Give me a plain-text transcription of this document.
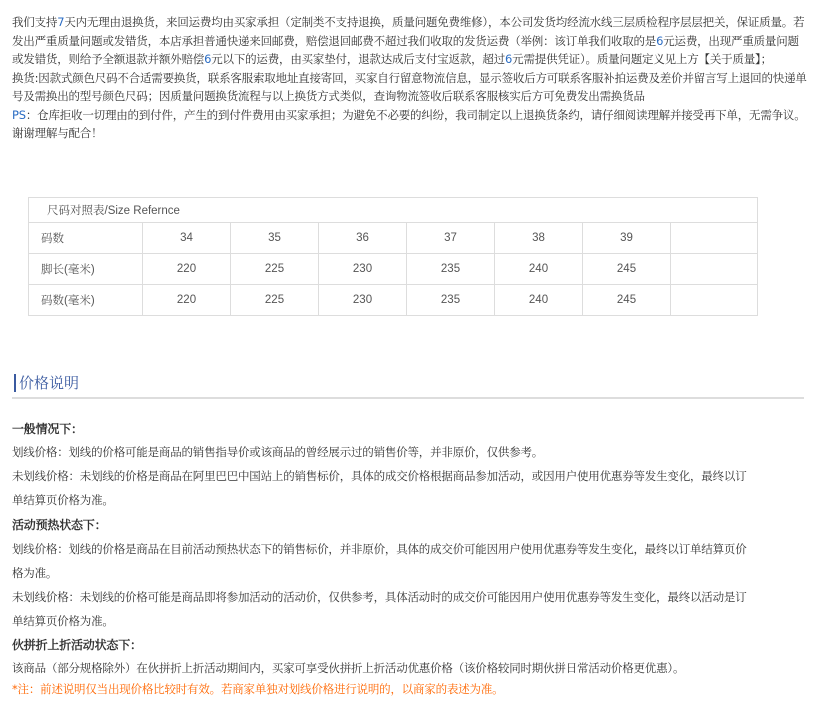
我们支持7天内无理由退换货，来回运费均由买家承担（定制类不支持退换，质量问题免费维修），本公司发货均经流水线三层质检程序层层把关，保证质量。若发出严重质量问题或发错货，本店承担普通快递来回邮费，赔偿退回邮费不超过我们收取的发货运费（举例：该订单我们收取的是6元运费，出现严重质量问题或发错货，则给予全额退款并额外赔偿6元以下的运费，由买家垫付，退款达成后支付宝返款，超过6元需提供凭证）。质量问题定义见上方【关于质量】；
换货:因款式颜色尺码不合适需要换货，联系客服索取地址直接寄回，买家自行留意物流信息，显示签收后方可联系客服补拍运费及差价并留言写上退回的快递单号及需换出的型号颜色尺码；因质量问题换货流程与以上换货方式类似，查询物流签收后联系客服核实后方可免费发出需换货品
PS：仓库拒收一切理由的到付件，产生的到付件费用由买家承担；为避免不必要的纠纷，我司制定以上退换货条约，请仔细阅读理解并接受再下单，无需争议。谢谢理解与配合！
尺码对照表/Size Refernce							
码数	34	35	36	37	38	39	
脚长(毫米)	220	225	230	235	240	245	
码数(毫米)	220	225	230	235	240	245	
价格说明
一般情况下：
划线价格：划线的价格可能是商品的销售指导价或该商品的曾经展示过的销售价等，并非原价，仅供参考。
未划线价格：未划线的价格是商品在阿里巴巴中国站上的销售标价，具体的成交价格根据商品参加活动，或因用户使用优惠券等发生变化，最终以订
单结算页价格为准。
活动预热状态下：
划线价格：划线的价格是商品在目前活动预热状态下的销售标价，并非原价，具体的成交价可能因用户使用优惠券等发生变化，最终以订单结算页价
格为准。
未划线价格：未划线的价格可能是商品即将参加活动的活动价，仅供参考，具体活动时的成交价可能因用户使用优惠券等发生变化，最终以活动是订
单结算页价格为准。
伙拼折上折活动状态下：
该商品（部分规格除外）在伙拼折上折活动期间内，买家可享受伙拼折上折活动优惠价格（该价格较同时期伙拼日常活动价格更优惠）。
*注：前述说明仅当出现价格比较时有效。若商家单独对划线价格进行说明的，以商家的表述为准。
